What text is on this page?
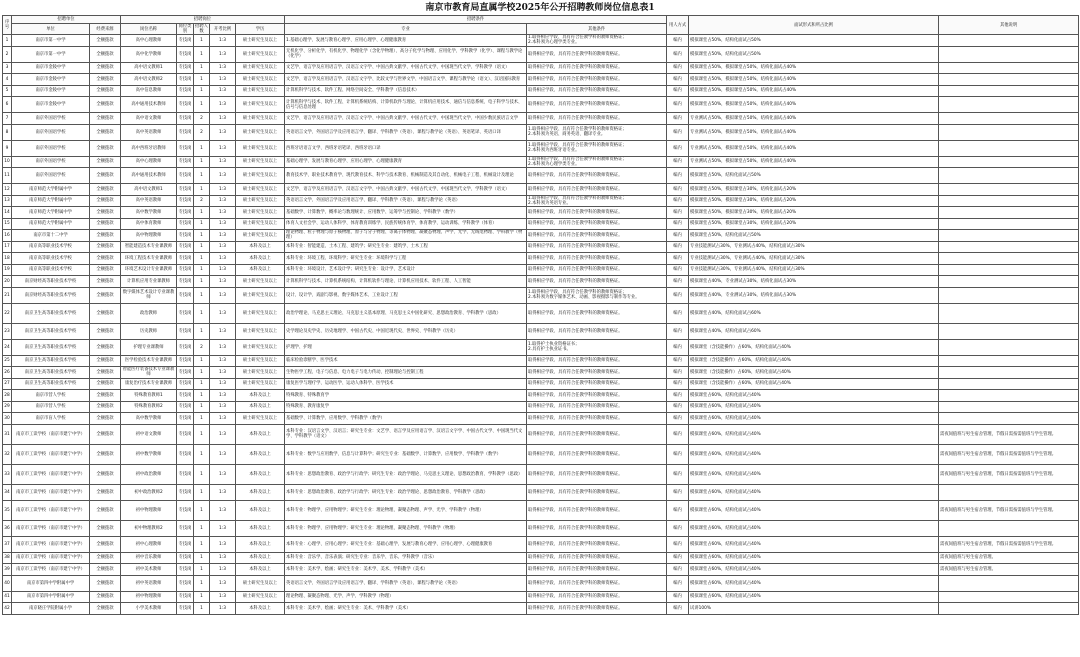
南京市教育局直属学校2025年公开招聘教师岗位信息表1
序号	招聘单位		招聘岗位					招聘条件		用人方式	面试形式和所占比例	其他说明
	单位	经费来源	岗位名称	岗位类别	招聘人数	开考比例	学历	专业	其他条件			
1	南京市第一中学	全额拨款	高中心理教师	专技岗	1	1:3	硕士研究生及以上	1.基础心理学、发展与教育心理学、应用心理学、心理健康教育	1.取得相应学段、具有符合任教学科的教师资格证；
2.本科须为心理学类专业。	编内	模拟课堂占50%，结构化面试占50%	
2	南京市第一中学	全额拨款	高中化学教师	专技岗	1	1:3	硕士研究生及以上	无机化学、分析化学、有机化学、物理化学（含化学物理）、高分子化学与物理、应用化学、学科教学（化学）、课程与教学论（化学）	取得相应学段、具有符合任教学科的教师资格证。	编内	模拟课堂占50%，结构化面试占50%	
3	南京市金陵中学	全额拨款	高中语文教师1	专技岗	1	1:3	硕士研究生及以上	文艺学、语言学及应用语言学、汉语言文字学、中国古典文献学、中国古代文学、中国现当代文学、学科教学（语文）	取得相应学段、具有符合任教学科的教师资格证。	编内	模拟课堂占50%，模拟课堂占50%，结构化面试占40%	
4	南京市金陵中学	全额拨款	高中语文教师2	专技岗	1	1:3	硕士研究生及以上	文艺学、语言学及应用语言学、汉语言文字学、比较文学与世界文学、中国语言文学、课程与教学论（语文）、汉语国际教育	取得相应学段、具有符合任教学科的教师资格证。	编内	模拟课堂占50%，模拟课堂占50%，结构化面试占40%	
5	南京市金陵中学	全额拨款	高中信息教师	专技岗	1	1:3	硕士研究生及以上	计算机科学与技术、软件工程、网络空间安全、学科教学（信息技术）	取得相应学段、具有符合任教学科的教师资格证。	编内	模拟课堂占50%，模拟课堂占50%，结构化面试占40%	
6	南京市金陵中学	全额拨款	高中通用技术教师	专技岗	1	1:3	硕士研究生及以上	计算机科学与技术、软件工程、计算机系统结构、计算机软件与理论、计算机应用技术、通信与信息系统、电子科学与技术、信号与信息处理	取得相应学段、具有符合任教学科的教师资格证。	编内	模拟课堂占50%，模拟课堂占50%，结构化面试占40%	
7	南京外国语学校	全额拨款	高中语文教师	专技岗	2	1:3	硕士研究生及以上	文艺学、语言学及应用语言学、汉语言文字学、中国古典文献学、中国古代文学、中国现当代文学、中国少数民族语言文学	取得相应学段、具有符合任教学科的教师资格证。	编内	专业测试占50%，模拟课堂占50%，结构化面试占40%	
8	南京外国语学校	全额拨款	高中英语教师	专技岗	2	1:3	硕士研究生及以上	英语语言文学、外国语言学及应用语言学、翻译、学科教学（英语）、课程与教学论（英语）、英语笔译、英语口译	1.取得相应学段、具有符合任教学科的教师资格证；
2.本科须为英语、商务英语、翻译专业。	编内	专业测试占50%，模拟课堂占50%，结构化面试占40%	
9	南京外国语学校	全额拨款	高中西班牙语教师	专技岗	1	1:3	硕士研究生及以上	西班牙语语言文学、西班牙语笔译、西班牙语口译	1.取得相应学段、具有符合任教学科的教师资格证；
2.本科须为西班牙语专业。	编内	专业测试占50%，模拟课堂占50%，结构化面试占40%	
10	南京外国语学校	全额拨款	高中心理教师	专技岗	1	1:3	硕士研究生及以上	基础心理学、发展与教育心理学、应用心理学、心理健康教育	1.取得相应学段、具有符合任教学科的教师资格证；
2.本科须为心理学类专业。	编内	专业测试占50%，模拟课堂占50%，结构化面试占40%	
11	南京外国语学校	全额拨款	高中通用技术教师	专技岗	1	1:3	硕士研究生及以上	教育技术学、职业技术教育学、现代教育技术、科学与技术教育、机械制造及其自动化、机械电子工程、机械设计及理论	取得相应学段、具有符合任教学科的教师资格证。	编内	模拟课堂占50%，结构化面试占50%	
12	南京师范大学附属中学	全额拨款	高中语文教师1	专技岗	1	1:3	硕士研究生及以上	文艺学、语言学及应用语言学、汉语言文字学、中国古典文献学、中国古代文学、中国现当代文学、学科教学（语文）	取得相应学段、具有符合任教学科的教师资格证。	编内	模拟课堂占50%，模拟课堂占30%，结构化面试占20%	
13	南京师范大学附属中学	全额拨款	高中英语教师	专技岗	2	1:3	硕士研究生及以上	英语语言文学、外国语言学及应用语言学、翻译、学科教学（英语）、课程与教学论（英语）	1.取得相应学段、具有符合任教学科的教师资格证；
2.本科须为英语专业。	编内	模拟课堂占50%，模拟课堂占30%，结构化面试占20%	
14	南京师范大学附属中学	全额拨款	高中数学教师	专技岗	1	1:3	硕士研究生及以上	基础数学、计算数学、概率论与数理统计、应用数学、运筹学与控制论、学科教学（数学）	取得相应学段、具有符合任教学科的教师资格证。	编内	模拟课堂占50%，模拟课堂占30%，结构化面试占20%	
15	南京师范大学附属中学	全额拨款	高中体育教师	专技岗	1	1:3	硕士研究生及以上	体育人文社会学、运动人体科学、体育教育训练学、民族传统体育学、体育教学、运动训练、学科教学（体育）	取得相应学段、具有符合任教学科的教师资格证。	编内	模拟课堂占50%，模拟课堂占30%，结构化面试占20%	
16	南京市第十二中学	全额拨款	高中物理教师	专技岗	1	1:3	硕士研究生及以上	理论物理、粒子物理与原子核物理、原子与分子物理、等离子体物理、凝聚态物理、声学、光学、无线电物理、学科教学（物理）	取得相应学段、具有符合任教学科的教师资格证。	编内	模拟课堂占50%，结构化面试占50%	
17	南京高等职业技术学校	全额拨款	智能建造技术专业课教师	专技岗	1	1:3	本科及以上	本科专业：智能建造、土木工程、建筑学；研究生专业：建筑学、土木工程	取得相应学段、具有符合任教学科的教师资格证。	编内	专业技能测试占30%，专业测试占40%，结构化面试占30%	
18	南京高等职业技术学校	全额拨款	环境工程技术专业课教师	专技岗	1	1:3	本科及以上	本科专业：环境工程、环境科学；研究生专业：环境科学与工程	取得相应学段、具有符合任教学科的教师资格证。	编内	专业技能测试占30%，专业测试占40%，结构化面试占30%	
19	南京高等职业技术学校	全额拨款	环境艺术设计专业课教师	专技岗	1	1:3	本科及以上	本科专业：环境设计、艺术设计学；研究生专业：设计学、艺术设计	取得相应学段、具有符合任教学科的教师资格证。	编内	专业技能测试占30%，专业测试占40%，结构化面试占30%	
20	南京财经高等职业技术学校	全额拨款	计算机应用专业课教师	专技岗	1	1:3	硕士研究生及以上	计算机科学与技术、计算机系统结构、计算机软件与理论、计算机应用技术、软件工程、人工智能	取得相应学段、具有符合任教学科的教师资格证。	编内	模拟课堂占40%，专业测试占30%，结构化面试占30%	
21	南京财经高等职业技术学校	全额拨款	数字媒体艺术设计专业课教师	专技岗	1	1:3	硕士研究生及以上	设计、设计学、戏剧与影视、数字媒体艺术、工业设计工程	1.取得相应学段、具有符合任教学科的教师资格证；
2.本科须为数字媒体艺术、动画、影视摄影与制作等专业。	编内	模拟课堂占40%，专业测试占30%，结构化面试占30%	
22	南京卫生高等职业技术学校	全额拨款	政治教师	专技岗	1	1:3	硕士研究生及以上	政治学理论、马克思主义理论、马克思主义基本原理、马克思主义中国化研究、思想政治教育、学科教学（思政）	取得相应学段、具有符合任教学科的教师资格证。	编内	模拟课堂占40%，结构化面试占60%	
23	南京卫生高等职业技术学校	全额拨款	历史教师	专技岗	1	1:3	硕士研究生及以上	史学理论及史学史、历史地理学、中国古代史、中国近现代史、世界史、学科教学（历史）	取得相应学段、具有符合任教学科的教师资格证。	编内	模拟课堂占40%，结构化面试占60%	
24	南京卫生高等职业技术学校	全额拨款	护理专业课教师	专技岗	2	1:3	硕士研究生及以上	护理学、护理	1.取得护士执业资格证书；
2.具有护士执业证书。	编内	模拟课堂（含技能操作）占60%，结构化面试占40%	
25	南京卫生高等职业技术学校	全额拨款	医学检验技术专业课教师	专技岗	1	1:3	硕士研究生及以上	临床检验诊断学、医学技术	取得相应学段、具有符合任教学科的教师资格证。	编内	模拟课堂（含技能操作）占60%，结构化面试占40%	
26	南京卫生高等职业技术学校	全额拨款	智能医疗装备技术专业课教师	专技岗	1	1:3	硕士研究生及以上	生物医学工程、电子与信息、电力电子与电力传动、控制理论与控制工程	取得相应学段、具有符合任教学科的教师资格证。	编内	模拟课堂（含技能操作）占60%，结构化面试占40%	
27	南京卫生高等职业技术学校	全额拨款	康复治疗技术专业课教师	专技岗	1	1:3	硕士研究生及以上	康复医学与理疗学、运动医学、运动人体科学、医学技术	取得相应学段、具有符合任教学科的教师资格证。	编内	模拟课堂（含技能操作）占60%，结构化面试占40%	
28	南京市营人学校	全额拨款	特殊教育教师1	专技岗	1	1:3	本科及以上	特殊教育、特殊教育学	取得相应学段、具有符合任教学科的教师资格证。	编内	模拟课堂占60%，结构化面试占40%	
29	南京市营人学校	全额拨款	特殊教育教师2	专技岗	1	1:3	本科及以上	特殊教育、教育康复学	取得相应学段、具有符合任教学科的教师资格证。	编内	模拟课堂占60%，结构化面试占40%	
30	南京市盲人学校	全额拨款	高中数学教师	专技岗	1	1:3	硕士研究生及以上	基础数学、计算数学、应用数学、学科教学（数学）	取得相应学段、具有符合任教学科的教师资格证。	编内	模拟课堂占60%，结构化面试占40%	
31	南京市工读学校（南京市建宁中学）	全额拨款	初中语文教师	专技岗	1	1:3	本科及以上	本科专业：汉语言文学、汉语言；研究生专业：文艺学、语言学及应用语言学、汉语言文字学、中国古代文学、中国现当代文学、学科教学（语文）	取得相应学段、具有符合任教学科的教师资格证。	编内	模拟课堂占60%，结构化面试占40%	需夜间值班与男生宿舍管理，节假日需按需值班与学生管理。
32	南京市工读学校（南京市建宁中学）	全额拨款	初中数学教师	专技岗	1	1:3	本科及以上	本科专业：数学与应用数学、信息与计算科学；研究生专业：基础数学、计算数学、应用数学、学科教学（数学）	取得相应学段、具有符合任教学科的教师资格证。	编内	模拟课堂占60%，结构化面试占40%	需夜间值班与男生宿舍管理，节假日需按需值班与学生管理。
33	南京市工读学校（南京市建宁中学）	全额拨款	初中政治教师	专技岗	1	1:3	本科及以上	本科专业：思想政治教育、政治学与行政学；研究生专业：政治学理论、马克思主义理论、思想政治教育、学科教学（思政）	取得相应学段、具有符合任教学科的教师资格证。	编内	模拟课堂占60%，结构化面试占40%	需夜间值班与男生宿舍管理，节假日需按需值班与学生管理。
34	南京市工读学校（南京市建宁中学）	全额拨款	初中政治教师2	专技岗	1	1:3	本科及以上	本科专业：思想政治教育、政治学与行政学；研究生专业：政治学理论、思想政治教育、学科教学（思政）	取得相应学段、具有符合任教学科的教师资格证。	编内	模拟课堂占60%，结构化面试占40%	
35	南京市工读学校（南京市建宁中学）	全额拨款	初中物理教师	专技岗	1	1:3	本科及以上	本科专业：物理学、应用物理学；研究生专业：理论物理、凝聚态物理、声学、光学、学科教学（物理）	取得相应学段、具有符合任教学科的教师资格证。	编内	模拟课堂占60%，结构化面试占40%	需夜间值班与男生宿舍管理，节假日需按需值班与学生管理。
36	南京市工读学校（南京市建宁中学）	全额拨款	初中物理教师2	专技岗	1	1:3	本科及以上	本科专业：物理学、应用物理学；研究生专业：理论物理、凝聚态物理、学科教学（物理）	取得相应学段、具有符合任教学科的教师资格证。	编内	模拟课堂占60%，结构化面试占40%	
37	南京市工读学校（南京市建宁中学）	全额拨款	初中心理教师	专技岗	1	1:3	本科及以上	本科专业：心理学、应用心理学；研究生专业：基础心理学、发展与教育心理学、应用心理学、心理健康教育	取得相应学段、具有符合任教学科的教师资格证。	编内	模拟课堂占60%，结构化面试占40%	需夜间值班与男生宿舍管理，节假日需按需值班与学生管理。
38	南京市工读学校（南京市建宁中学）	全额拨款	初中音乐教师	专技岗	1	1:3	本科及以上	本科专业：音乐学、音乐表演；研究生专业：音乐学、音乐、学科教学（音乐）	取得相应学段、具有符合任教学科的教师资格证。	编内	模拟课堂占60%，结构化面试占40%	需夜间值班与男生宿舍管理。
39	南京市工读学校（南京市建宁中学）	全额拨款	初中美术教师	专技岗	1	1:3	本科及以上	本科专业：美术学、绘画；研究生专业：美术学、美术、学科教学（美术）	取得相应学段、具有符合任教学科的教师资格证。	编内	模拟课堂占60%，结构化面试占40%	需夜间值班与男生宿舍管理。
40	南京市第四中学附属中学	全额拨款	初中英语教师	专技岗	1	1:3	硕士研究生及以上	英语语言文学、外国语言学及应用语言学、翻译、学科教学（英语）、课程与教学论（英语）	取得相应学段、具有符合任教学科的教师资格证。	编内	模拟课堂占60%，结构化面试占40%	
41	南京市第四中学附属中学	全额拨款	初中物理教师	专技岗	1	1:3	硕士研究生及以上	理论物理、凝聚态物理、光学、声学、学科教学（物理）	取得相应学段、具有符合任教学科的教师资格证。	编内	模拟课堂占60%，结构化面试占40%	
42	南京晓庄学院附属小学	全额拨款	小学美术教师	专技岗	1	1:3	本科及以上	本科专业：美术学、绘画；研究生专业：美术、学科教学（美术）	取得相应学段、具有符合任教学科的教师资格证。	编内	试讲100%	
